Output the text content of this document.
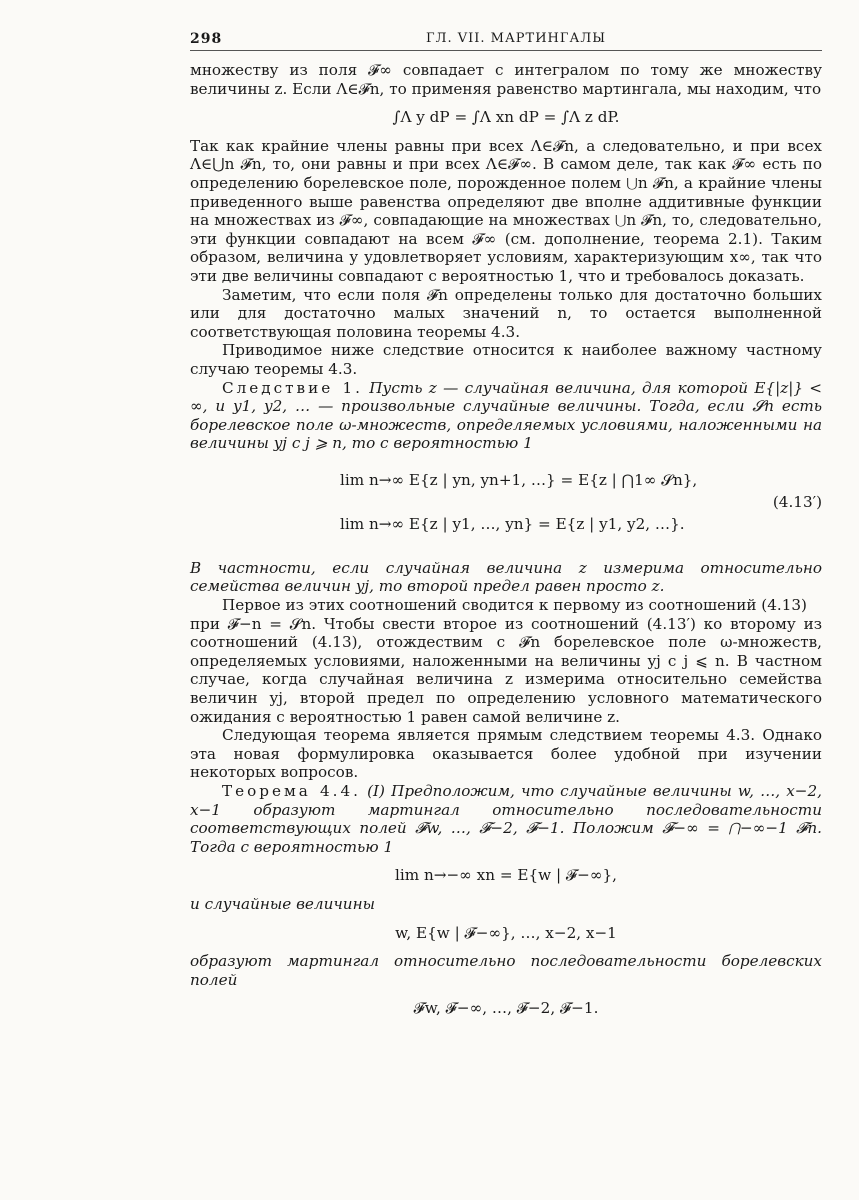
298	ГЛ. VII. МАРТИНГАЛЫ

множеству из поля 𝓕∞ совпадает с интегралом по тому же множеству величины z. Если Λ∈𝓕n, то применяя равенство мартингала, мы находим, что

∫Λ y dP = ∫Λ xn dP = ∫Λ z dP.

Так как крайние члены равны при всех Λ∈𝓕n, а следовательно, и при всех Λ∈⋃n 𝓕n, то, они равны и при всех Λ∈𝓕∞. В самом деле, так как 𝓕∞ есть по определению борелевское поле, порожденное полем ⋃n 𝓕n, а крайние члены приведенного выше равенства определяют две вполне аддитивные функции на множествах из 𝓕∞, совпадающие на множествах ⋃n 𝓕n, то, следовательно, эти функции совпадают на всем 𝓕∞ (см. дополнение, теорема 2.1). Таким образом, величина y удовлетворяет условиям, характеризующим x∞, так что эти две величины совпадают с вероятностью 1, что и требовалось доказать.

Заметим, что если поля 𝓕n определены только для достаточно больших или для достаточно малых значений n, то остается выполненной соответствующая половина теоремы 4.3.

Приводимое ниже следствие относится к наиболее важному частному случаю теоремы 4.3.

Следствие 1. Пусть z — случайная величина, для которой E{|z|} < ∞, и y1, y2, … — произвольные случайные величины. Тогда, если 𝓢n есть борелевское поле ω-множеств, определяемых условиями, наложенными на величины yj с j ⩾ n, то с вероятностью 1

lim n→∞ E{z | yn, yn+1, …} = E{z | ⋂1∞ 𝓢n},
lim n→∞ E{z | y1, …, yn} = E{z | y1, y2, …}.
(4.13′)

В частности, если случайная величина z измерима относительно семейства величин yj, то второй предел равен просто z.

Первое из этих соотношений сводится к первому из соотношений (4.13)

при 𝓕−n = 𝓢n. Чтобы свести второе из соотношений (4.13′) ко второму из соотношений (4.13), отождествим с 𝓕n борелевское поле ω-множеств, определяемых условиями, наложенными на величины yj с j ⩽ n. В частном случае, когда случайная величина z измерима относительно семейства величин yj, второй предел по определению условного математического ожидания с вероятностью 1 равен самой величине z.

Следующая теорема является прямым следствием теоремы 4.3. Однако эта новая формулировка оказывается более удобной при изучении некоторых вопросов.

Теорема 4.4. (I) Предположим, что случайные величины w, …, x−2, x−1 образуют мартингал относительно последовательности соответствующих полей 𝓕w, …, 𝓕−2, 𝓕−1. Положим 𝓕−∞ = ⋂−∞−1 𝓕n. Тогда с вероятностью 1

lim n→−∞ xn = E{w | 𝓕−∞},

и случайные величины

w, E{w | 𝓕−∞}, …, x−2, x−1

образуют мартингал относительно последовательности борелевских полей

𝓕w, 𝓕−∞, …, 𝓕−2, 𝓕−1.
